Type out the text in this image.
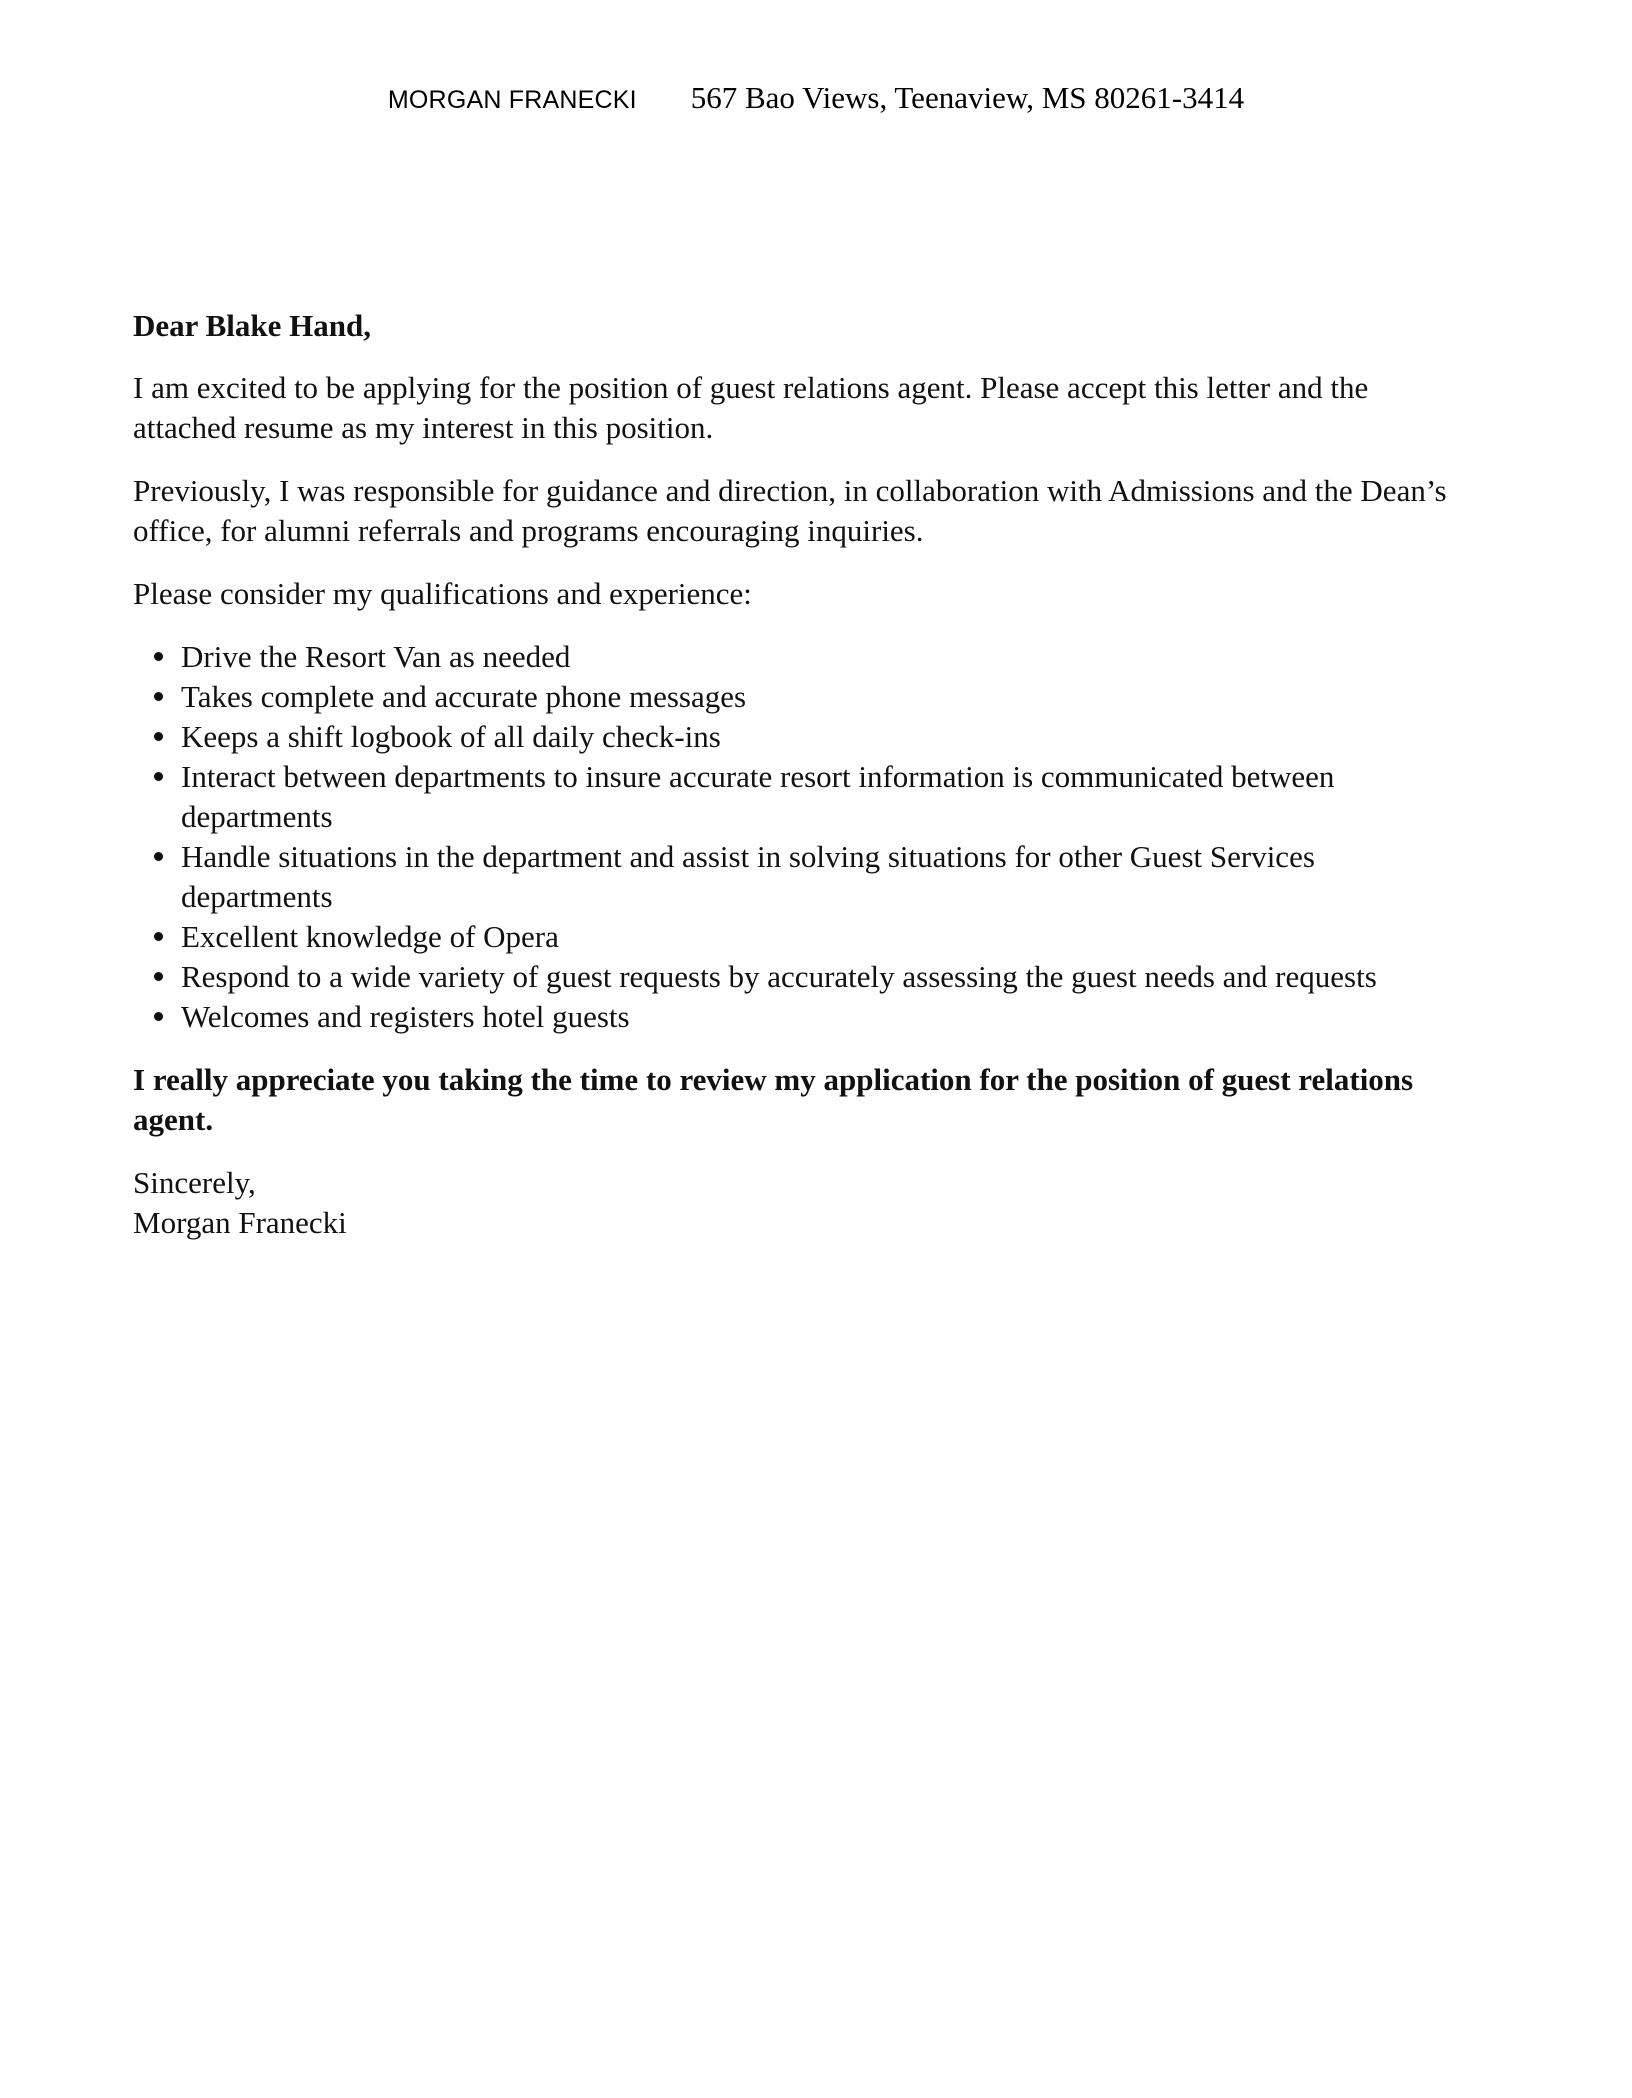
MORGAN FRANECKI 567 Bao Views, Teenaview, MS 80261-3414

Dear Blake Hand,

I am excited to be applying for the position of guest relations agent. Please accept this letter and the attached resume as my interest in this position.

Previously, I was responsible for guidance and direction, in collaboration with Admissions and the Dean’s office, for alumni referrals and programs encouraging inquiries.

Please consider my qualifications and experience:

Drive the Resort Van as needed
Takes complete and accurate phone messages
Keeps a shift logbook of all daily check-ins
Interact between departments to insure accurate resort information is communicated between departments
Handle situations in the department and assist in solving situations for other Guest Services departments
Excellent knowledge of Opera
Respond to a wide variety of guest requests by accurately assessing the guest needs and requests
Welcomes and registers hotel guests

I really appreciate you taking the time to review my application for the position of guest relations agent.

Sincerely,
Morgan Franecki
